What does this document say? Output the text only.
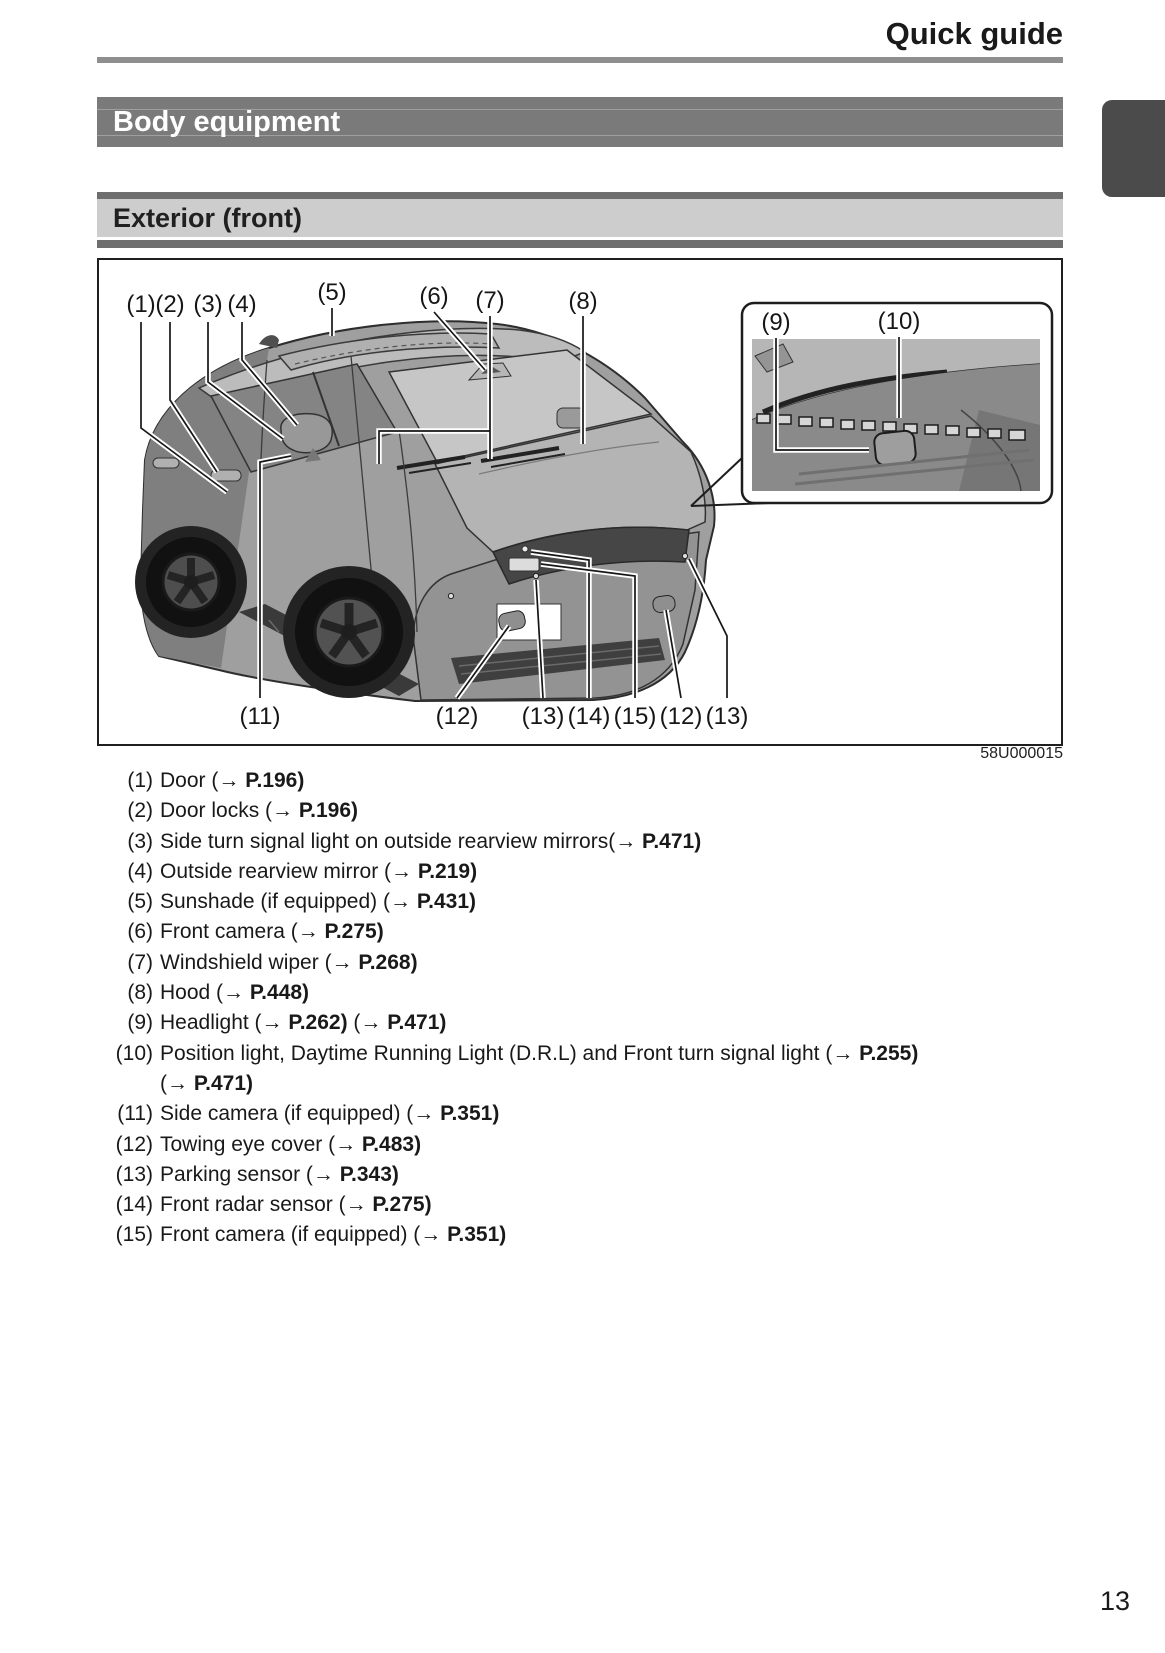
Quick guide
Body equipment
Exterior (front)
(1) (2) (3) (4)	(5)	(6) (7)	(8)
(9)	(10)
(11)	(12) (13) (14) (15) (12) (13)
58U000015
(1) Door (→ P.196)
(2) Door locks (→ P.196)
(3) Side turn signal light on outside rearview mirrors(→ P.471)
(4) Outside rearview mirror (→ P.219)
(5) Sunshade (if equipped) (→ P.431)
(6) Front camera (→ P.275)
(7) Windshield wiper (→ P.268)
(8) Hood (→ P.448)
(9) Headlight (→ P.262) (→ P.471)
(10) Position light, Daytime Running Light (D.R.L) and Front turn signal light (→ P.255)
(→ P.471)
(11) Side camera (if equipped) (→ P.351)
(12) Towing eye cover (→ P.483)
(13) Parking sensor (→ P.343)
(14) Front radar sensor (→ P.275)
(15) Front camera (if equipped) (→ P.351)
13
